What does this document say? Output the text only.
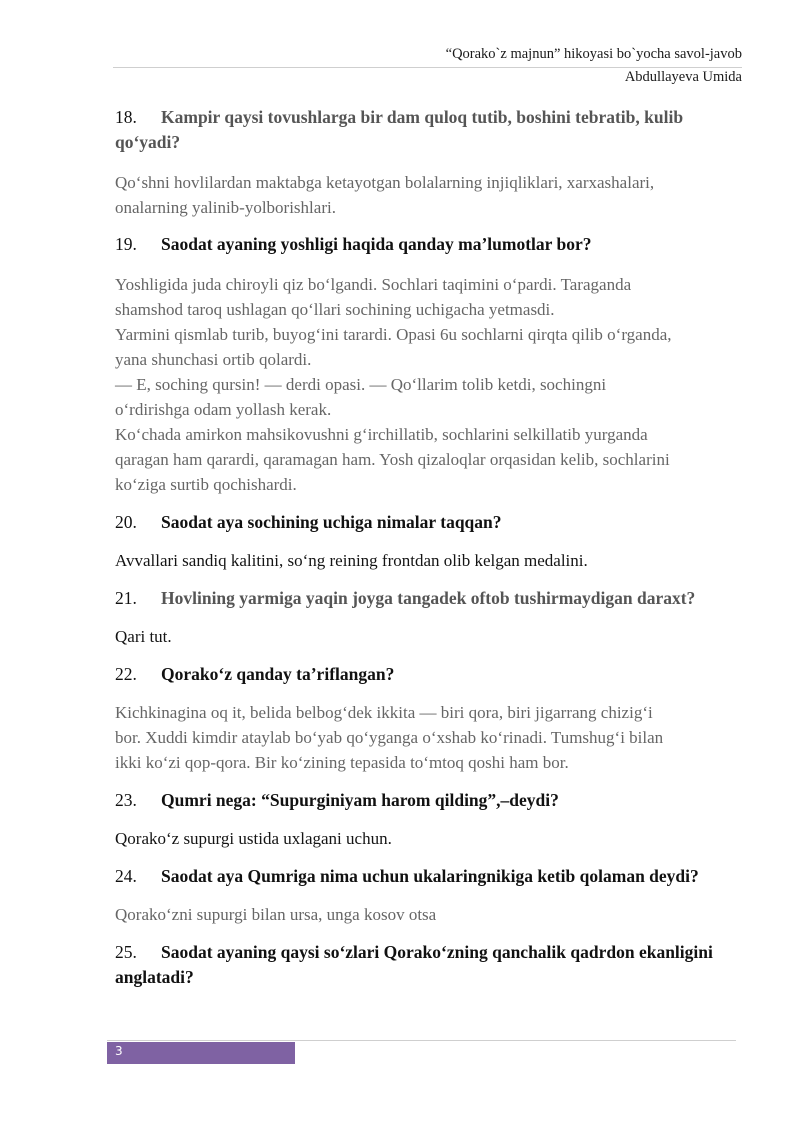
“Qorako`z majnun” hikoyasi bo`yocha savol-javob
Abdullayeva Umida

18. Kampir qaysi tovushlarga bir dam quloq tutib, boshini tebratib, kulib qo‘yadi?

Qo‘shni hovlilardan maktabga ketayotgan bolalarning injiqliklari, xarxashalari,
onalarning yalinib-yolborishlari.

19. Saodat ayaning yoshligi haqida qanday ma’lumotlar bor?

Yoshligida juda chiroyli qiz bo‘lgandi. Sochlari taqimini o‘pardi. Taraganda
shamshod taroq ushlagan qo‘llari sochining uchigacha yetmasdi.
Yarmini qismlab turib, buyog‘ini tarardi. Opasi 6u sochlarni qirqta qilib o‘rganda,
yana shunchasi ortib qolardi.
— E, soching qursin! — derdi opasi. — Qo‘llarim tolib ketdi, sochingni
o‘rdirishga odam yollash kerak.
Ko‘chada amirkon mahsikovushni g‘irchillatib, sochlarini selkillatib yurganda
qaragan ham qarardi, qaramagan ham. Yosh qizaloqlar orqasidan kelib, sochlarini
ko‘ziga surtib qochishardi.

20. Saodat aya sochining uchiga nimalar taqqan?

Avvallari sandiq kalitini, so‘ng reining frontdan olib kelgan medalini.

21. Hovlining yarmiga yaqin joyga tangadek oftob tushirmaydigan daraxt?

Qari tut.

22. Qorako‘z qanday ta’riflangan?

Kichkinagina oq it, belida belbog‘dek ikkita — biri qora, biri jigarrang chizig‘i
bor. Xuddi kimdir ataylab bo‘yab qo‘yganga o‘xshab ko‘rinadi. Tumshug‘i bilan
ikki ko‘zi qop-qora. Bir ko‘zining tepasida to‘mtoq qoshi ham bor.

23. Qumri nega: “Supurginiyam harom qilding”,–deydi?

Qorako‘z supurgi ustida uxlagani uchun.

24. Saodat aya Qumriga nima uchun ukalaringnikiga ketib qolaman deydi?

Qorako‘zni supurgi bilan ursa, unga kosov otsa

25. Saodat ayaning qaysi so‘zlari Qorako‘zning qanchalik qadrdon ekanligini anglatadi?

3
